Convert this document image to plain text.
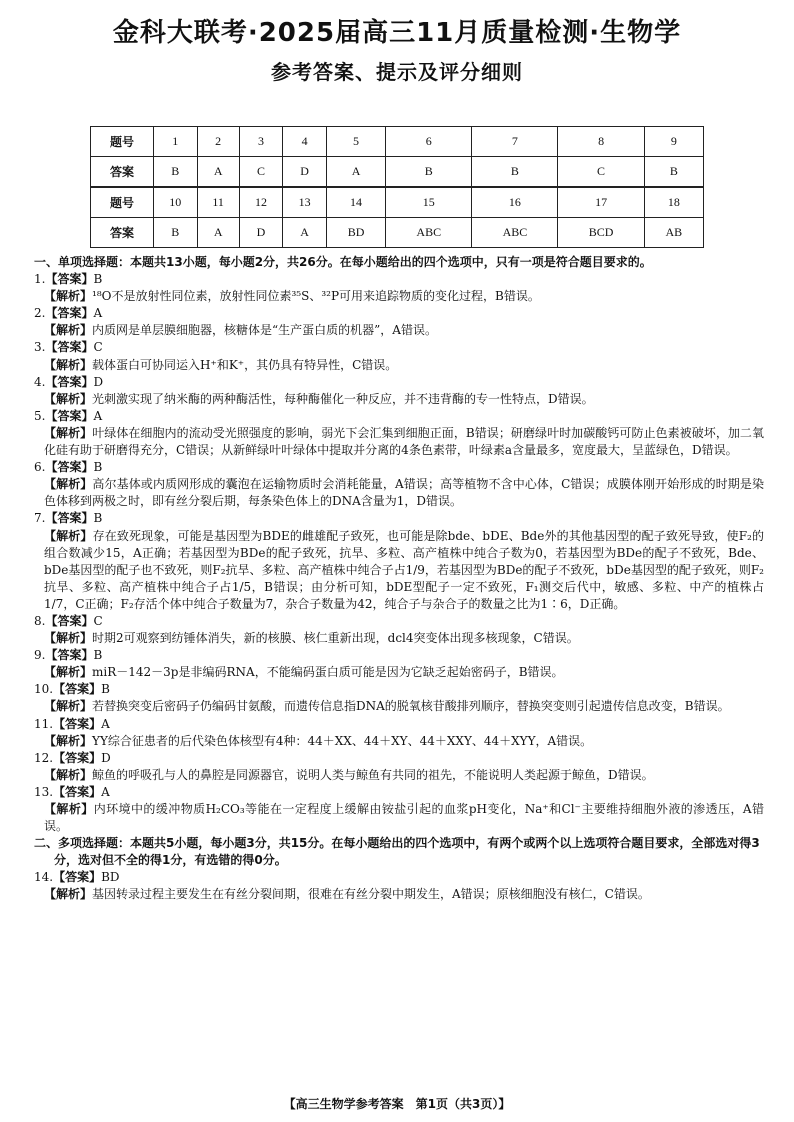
金科大联考·2025届高三11月质量检测·生物学
参考答案、提示及评分细则
题号	1	2	3	4	5	6	7	8	9
答案	B	A	C	D	A	B	B	C	B
题号	10	11	12	13	14	15	16	17	18
答案	B	A	D	A	BD	ABC	ABC	BCD	AB

一、单项选择题：本题共13小题，每小题2分，共26分。在每小题给出的四个选项中，只有一项是符合题目要求的。

1.【答案】B

【解析】¹⁸O不是放射性同位素，放射性同位素³⁵S、³²P可用来追踪物质的变化过程，B错误。

2.【答案】A

【解析】内质网是单层膜细胞器，核糖体是“生产蛋白质的机器”，A错误。

3.【答案】C

【解析】载体蛋白可协同运入H⁺和K⁺，其仍具有特异性，C错误。

4.【答案】D

【解析】光刺激实现了纳米酶的两种酶活性，每种酶催化一种反应，并不违背酶的专一性特点，D错误。

5.【答案】A

【解析】叶绿体在细胞内的流动受光照强度的影响，弱光下会汇集到细胞正面，B错误；研磨绿叶时加碳酸钙可防止色素被破坏，加二氧化硅有助于研磨得充分，C错误；从新鲜绿叶叶绿体中提取并分离的4条色素带，叶绿素a含量最多，宽度最大，呈蓝绿色，D错误。

6.【答案】B

【解析】高尔基体或内质网形成的囊泡在运输物质时会消耗能量，A错误；高等植物不含中心体，C错误；成膜体刚开始形成的时期是染色体移到两极之时，即有丝分裂后期，每条染色体上的DNA含量为1，D错误。

7.【答案】B

【解析】存在致死现象，可能是基因型为BDE的雌雄配子致死，也可能是除bde、bDE、Bde外的其他基因型的配子致死导致，使F₂的组合数减少15，A正确；若基因型为BDe的配子致死，抗旱、多粒、高产植株中纯合子数为0，若基因型为BDe的配子不致死，Bde、bDe基因型的配子也不致死，则F₂抗旱、多粒、高产植株中纯合子占1/9，若基因型为BDe的配子不致死，bDe基因型的配子致死，则F₂抗旱、多粒、高产植株中纯合子占1/5，B错误；由分析可知，bDE型配子一定不致死，F₁测交后代中，敏感、多粒、中产的植株占1/7，C正确；F₂存活个体中纯合子数量为7，杂合子数量为42，纯合子与杂合子的数量之比为1∶6，D正确。

8.【答案】C

【解析】时期2可观察到纺锤体消失，新的核膜、核仁重新出现，dcl4突变体出现多核现象，C错误。

9.【答案】B

【解析】miR－142－3p是非编码RNA，不能编码蛋白质可能是因为它缺乏起始密码子，B错误。

10.【答案】B

【解析】若替换突变后密码子仍编码甘氨酸，而遗传信息指DNA的脱氧核苷酸排列顺序，替换突变则引起遗传信息改变，B错误。

11.【答案】A

【解析】YY综合征患者的后代染色体核型有4种：44＋XX、44＋XY、44＋XXY、44＋XYY，A错误。

12.【答案】D

【解析】鲸鱼的呼吸孔与人的鼻腔是同源器官，说明人类与鲸鱼有共同的祖先，不能说明人类起源于鲸鱼，D错误。

13.【答案】A

【解析】内环境中的缓冲物质H₂CO₃等能在一定程度上缓解由铵盐引起的血浆pH变化，Na⁺和Cl⁻主要维持细胞外液的渗透压，A错误。

二、多项选择题：本题共5小题，每小题3分，共15分。在每小题给出的四个选项中，有两个或两个以上选项符合题目要求，全部选对得3分，选对但不全的得1分，有选错的得0分。

14.【答案】BD

【解析】基因转录过程主要发生在有丝分裂间期，很难在有丝分裂中期发生，A错误；原核细胞没有核仁，C错误。

【高三生物学参考答案　第1页（共3页）】
